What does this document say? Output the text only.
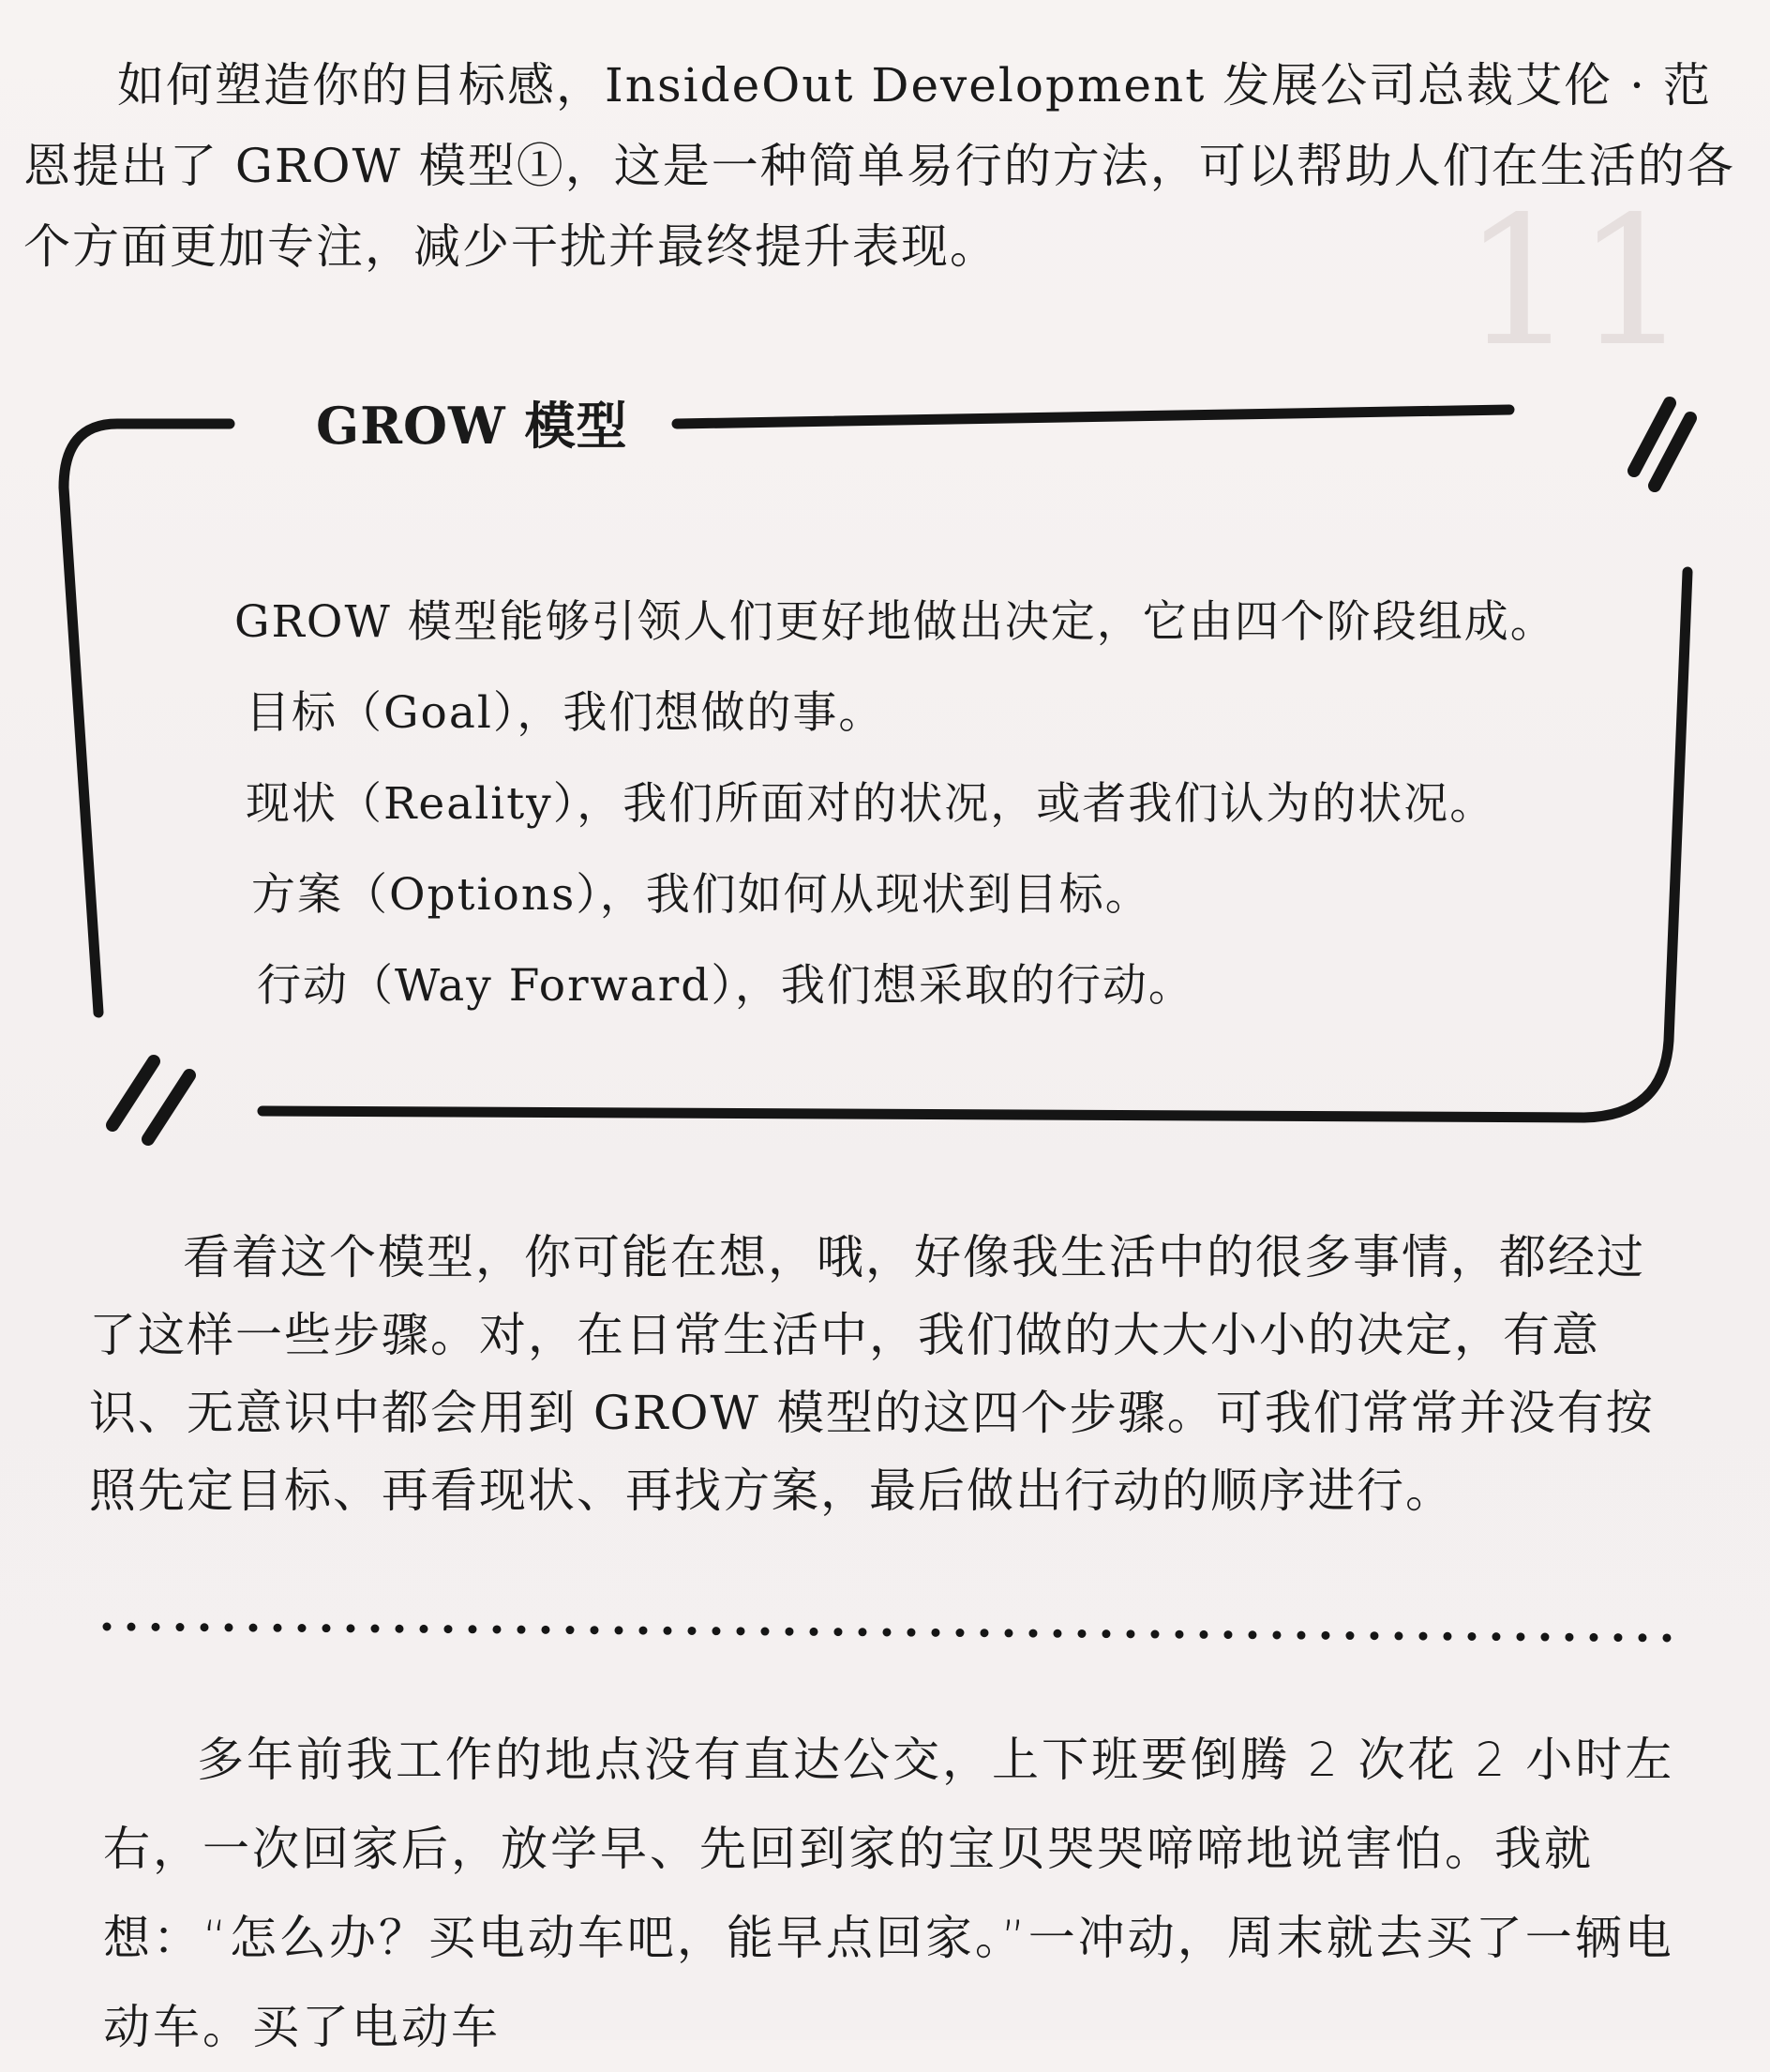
11

如何塑造你的目标感，InsideOut Development 发展公司总裁艾伦 · 范恩提出了 GROW 模型①，这是一种简单易行的方法，可以帮助人们在生活的各个方面更加专注，减少干扰并最终提升表现。

GROW 模型
GROW 模型能够引领人们更好地做出决定，它由四个阶段组成。
目标（Goal），我们想做的事。
现状（Reality），我们所面对的状况，或者我们认为的状况。
方案（Options），我们如何从现状到目标。
行动（Way Forward），我们想采取的行动。

看着这个模型，你可能在想，哦，好像我生活中的很多事情，都经过了这样一些步骤。对，在日常生活中，我们做的大大小小的决定，有意识、无意识中都会用到 GROW 模型的这四个步骤。可我们常常并没有按照先定目标、再看现状、再找方案，最后做出行动的顺序进行。

多年前我工作的地点没有直达公交，上下班要倒腾 2 次花 2 小时左右，一次回家后，放学早、先回到家的宝贝哭哭啼啼地说害怕。我就想：“怎么办？买电动车吧，能早点回家。”一冲动，周末就去买了一辆电动车。买了电动车
